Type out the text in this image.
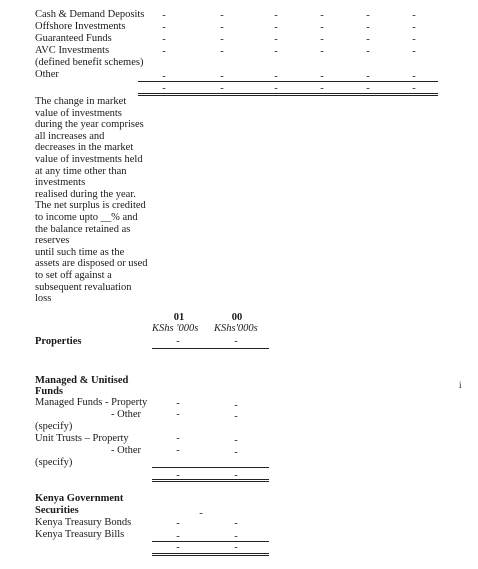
Cash & Demand Deposits -	-	-	-	-	-
Offshore Investments	-	-	-	-	-	-
Guaranteed Funds	-	-	-	-	-	-
AVC Investments	-	-	-	-	-	-
(defined benefit schemes)
Other	-	-	-	-	-	-
-	-	-	-	-	-
The change in market
value of investments
during the year comprises
all increases and
decreases in the market
value of investments held
at any time other than
investments
realised during the year.
The net surplus is credited
to income upto __% and
the balance retained as
reserves
until such time as the
assets are disposed or used
to set off against a
subsequent revaluation
loss
01	00
KShs '000s KShs'000s
Properties	-	-
Managed & Unitised
Funds
Managed Funds - Property	-	-
- Other	-	-
(specify)
Unit Trusts – Property	-	-
- Other	-	-
(specify)
-	-
Kenya Government
Securities	-
Kenya Treasury Bonds	-	-
Kenya Treasury Bills	-	-
-	-
i
